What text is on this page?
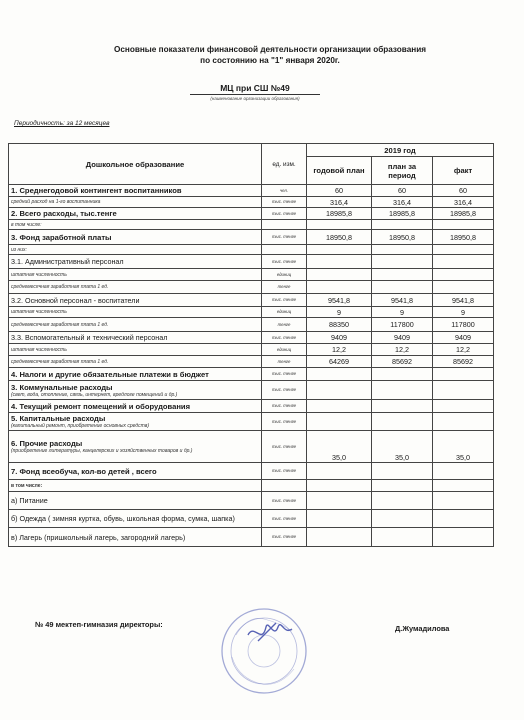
Основные показатели финансовой деятельности организации образования
по состоянию на "1" января 2020г.
МЦ при СШ №49
(наименование организации образования)
Периодичность: за 12 месяцев
Дошкольное образование	ед. изм.	2019 год		
		годовой план	план за период	факт

1. Среднегодовой контингент воспитанников	чел.	60	60	60

средний расход на 1-го воспитанника	тыс. тенге	316,4	316,4	316,4

2. Всего расходы, тыс.тенге	тыс. тенге	18985,8	18985,8	18985,8

в том числе:				

3. Фонд заработной платы	тыс. тенге	18950,8	18950,8	18950,8

из них:				

3.1. Административный персонал	тыс. тенге			

штатная численность	единиц			

среднемесячная заработная плата 1 ед.	тенге			

3.2. Основной персонал - воспитатели	тыс. тенге	9541,8	9541,8	9541,8

штатная численность	единиц	9	9	9

среднемесячная заработная плата 1 ед.	тенге	88350	117800	117800

3.3. Вспомогательный и технический персонал	тыс. тенге	9409	9409	9409

штатная численность	единиц	12,2	12,2	12,2

среднемесячная заработная плата 1 ед.	тенге	64269	85692	85692

4. Налоги и другие обязательные платежи в бюджет	тыс. тенге			

3. Коммунальные расходы
(свет, вода, отопление, связь, интернет, вредлоге помещений и др.)	тыс. тенге			

4. Текущий ремонт помещений и оборудования	тыс. тенге			

5. Капитальные расходы
(капитальный ремонт, приобретение основных средств)	тыс. тенге			

6. Прочие расходы
(приобретение литературы, канцелярских и хозяйственных товаров и др.)	тыс. тенге	35,0	35,0	35,0

7. Фонд всеобуча, кол-во детей , всего	тыс. тенге			

в том числе:				

а) Питание	тыс. тенге			

б) Одежда ( зимняя куртка, обувь, школьная форма, сумка, шапка)	тыс. тенге			

в) Лагерь (пришкольный лагерь, загородний лагерь)	тыс. тенге			
№ 49 мектеп-гимназия директоры:	Д.Жумадилова
